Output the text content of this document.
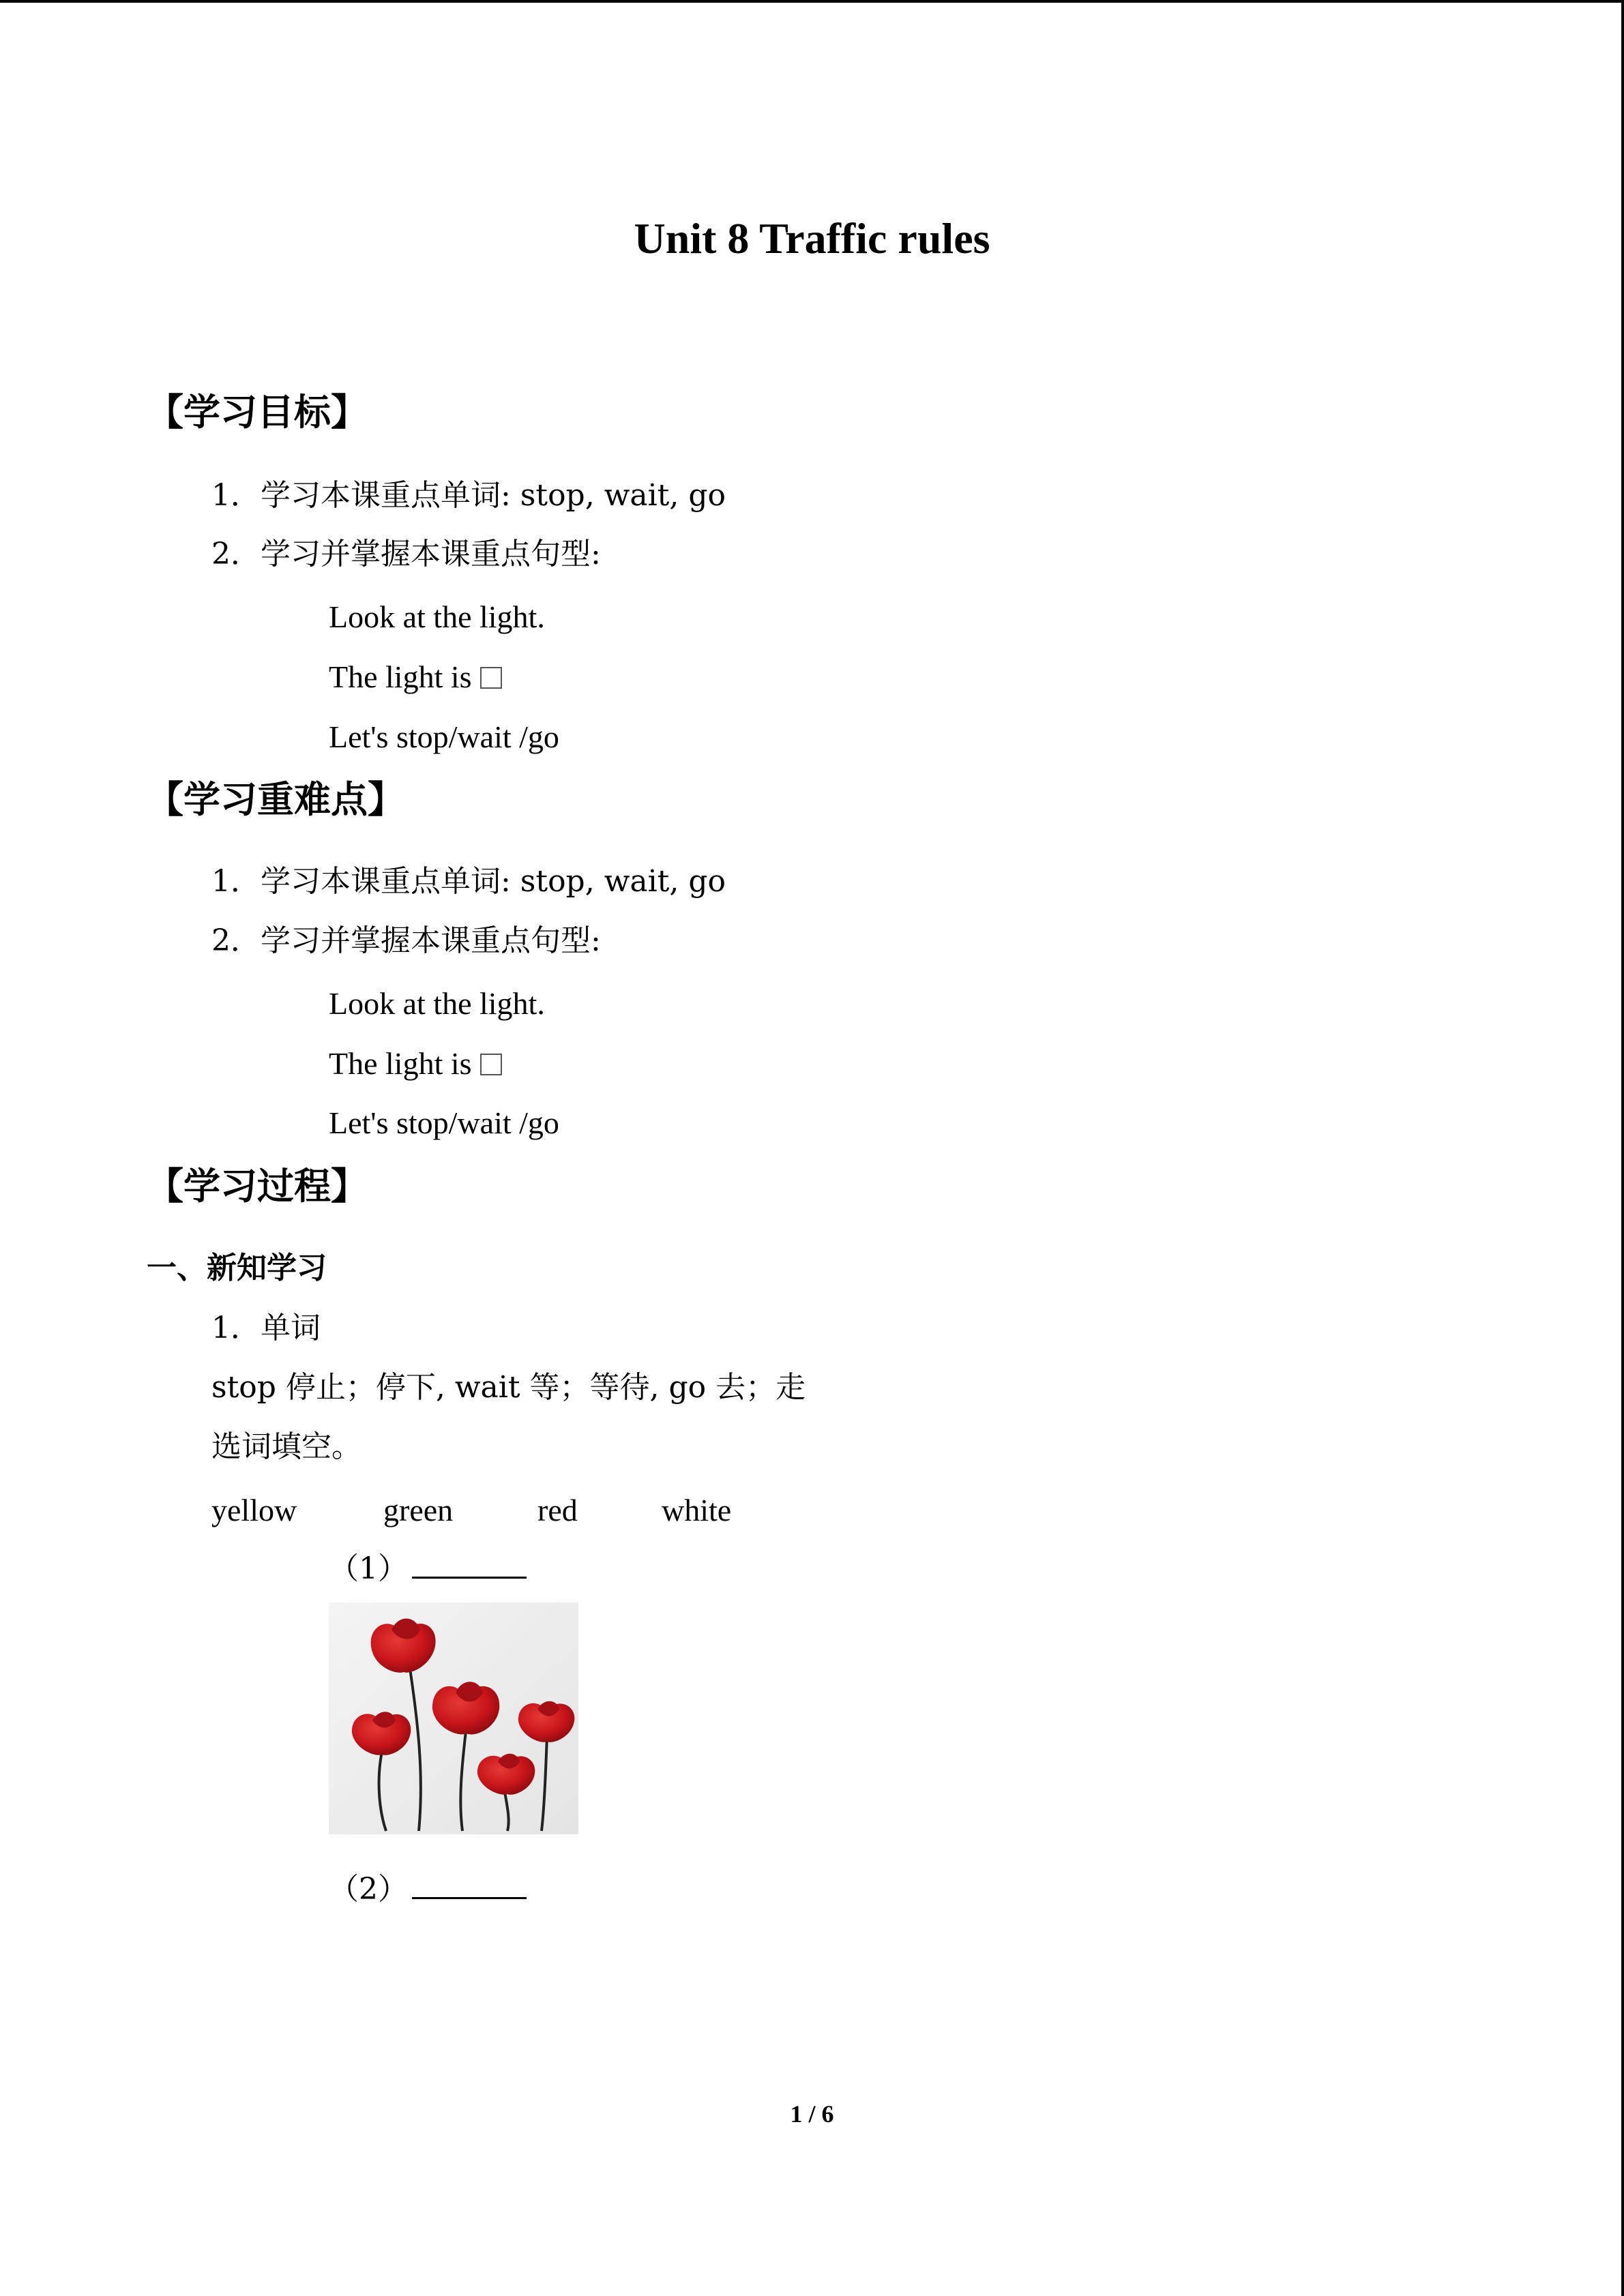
Unit 8 Traffic rules
【学习目标】
1．学习本课重点单词: stop, wait, go
2．学习并掌握本课重点句型:
Look at the light.
The light is
Let's stop/wait /go
【学习重难点】
1．学习本课重点单词: stop, wait, go
2．学习并掌握本课重点句型:
Look at the light.
The light is
Let's stop/wait /go
【学习过程】
一、新知学习
1．单词
stop 停止；停下, wait 等；等待, go 去；走
选词填空。
yellow	green	red	white
（1）
（2）
1 / 6
